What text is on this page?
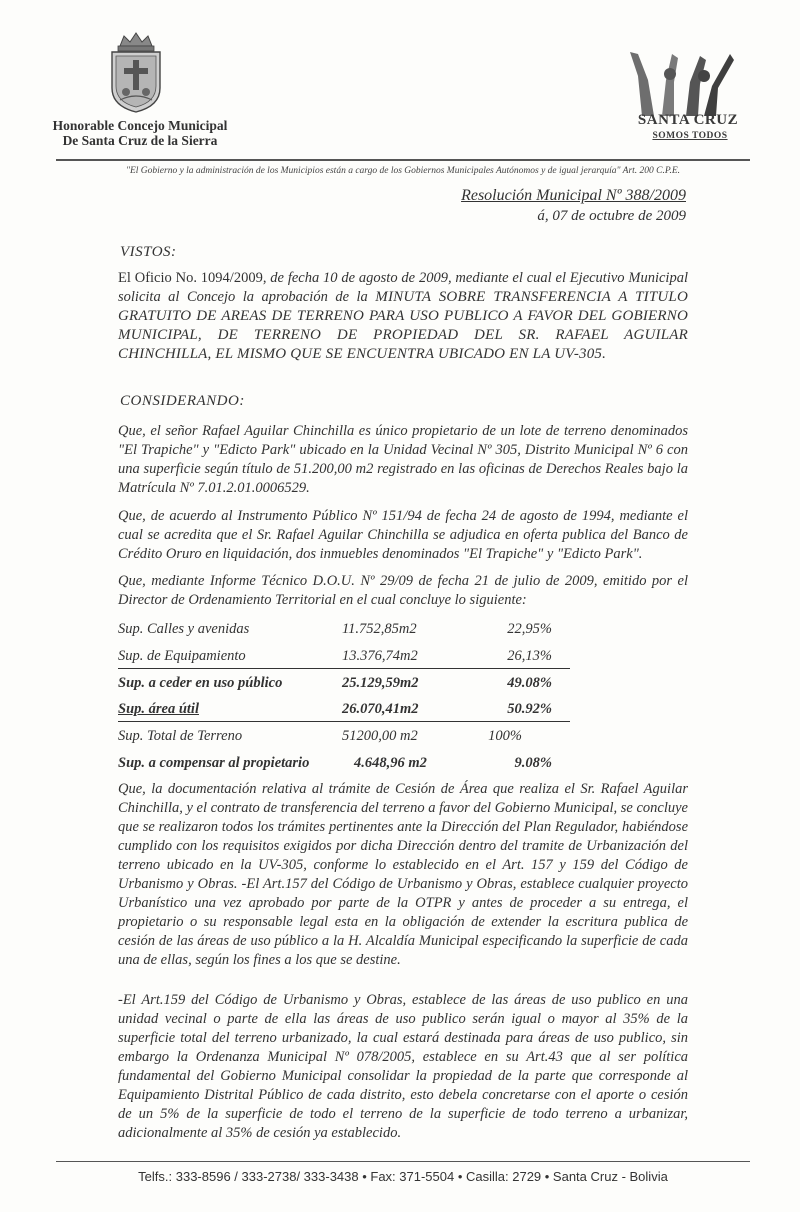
Honorable Concejo Municipal
De Santa Cruz de la Sierra
SANTA CRUZ
SOMOS TODOS
"El Gobierno y la administración de los Municipios están a cargo de los Gobiernos Municipales Autónomos y de igual jerarquía" Art. 200 C.P.E.
Resolución Municipal Nº 388/2009
á, 07 de octubre de 2009
VISTOS:
El Oficio No. 1094/2009, de fecha 10 de agosto de 2009, mediante el cual el Ejecutivo Municipal solicita al Concejo la aprobación de la MINUTA SOBRE TRANSFERENCIA A TITULO GRATUITO DE AREAS DE TERRENO PARA USO PUBLICO A FAVOR DEL GOBIERNO MUNICIPAL, DE TERRENO DE PROPIEDAD DEL SR. RAFAEL AGUILAR CHINCHILLA, EL MISMO QUE SE ENCUENTRA UBICADO EN LA UV-305.
CONSIDERANDO:
Que, el señor Rafael Aguilar Chinchilla es único propietario de un lote de terreno denominados "El Trapiche" y "Edicto Park" ubicado en la Unidad Vecinal Nº 305, Distrito Municipal Nº 6 con una superficie según título de 51.200,00 m2 registrado en las oficinas de Derechos Reales bajo la Matrícula Nº 7.01.2.01.0006529.
Que, de acuerdo al Instrumento Público Nº 151/94 de fecha 24 de agosto de 1994, mediante el cual se acredita que el Sr. Rafael Aguilar Chinchilla se adjudica en oferta publica del Banco de Crédito Oruro en liquidación, dos inmuebles denominados "El Trapiche" y "Edicto Park".
Que, mediante Informe Técnico D.O.U. Nº 29/09 de fecha 21 de julio de 2009, emitido por el Director de Ordenamiento Territorial en el cual concluye lo siguiente:
Sup. Calles y avenidas	11.752,85m2	22,95%
Sup. de Equipamiento	13.376,74m2	26,13%
Sup. a ceder en uso público	25.129,59m2	49.08%
Sup. área útil	26.070,41m2	50.92%
Sup. Total de Terreno	51200,00 m2	100%
Sup. a compensar al propietario	4.648,96 m2	9.08%
Que, la documentación relativa al trámite de Cesión de Área que realiza el Sr. Rafael Aguilar Chinchilla, y el contrato de transferencia del terreno a favor del Gobierno Municipal, se concluye que se realizaron todos los trámites pertinentes ante la Dirección del Plan Regulador, habiéndose cumplido con los requisitos exigidos por dicha Dirección dentro del tramite de Urbanización del terreno ubicado en la UV-305, conforme lo establecido en el Art. 157 y 159 del Código de Urbanismo y Obras. -El Art.157 del Código de Urbanismo y Obras, establece cualquier proyecto Urbanístico una vez aprobado por parte de la OTPR y antes de proceder a su entrega, el propietario o su responsable legal esta en la obligación de extender la escritura publica de cesión de las áreas de uso público a la H. Alcaldía Municipal especificando la superficie de cada una de ellas, según los fines a los que se destine.
-El Art.159 del Código de Urbanismo y Obras, establece de las áreas de uso publico en una unidad vecinal o parte de ella las áreas de uso publico serán igual o mayor al 35% de la superficie total del terreno urbanizado, la cual estará destinada para áreas de uso publico, sin embargo la Ordenanza Municipal Nº 078/2005, establece en su Art.43 que al ser política fundamental del Gobierno Municipal consolidar la propiedad de la parte que corresponde al Equipamiento Distrital Público de cada distrito, esto debela concretarse con el aporte o cesión de un 5% de la superficie de todo el terreno de la superficie de todo terreno a urbanizar, adicionalmente al 35% de cesión ya establecido.
Telfs.: 333-8596 / 333-2738/ 333-3438 • Fax: 371-5504 • Casilla: 2729 • Santa Cruz - Bolivia
